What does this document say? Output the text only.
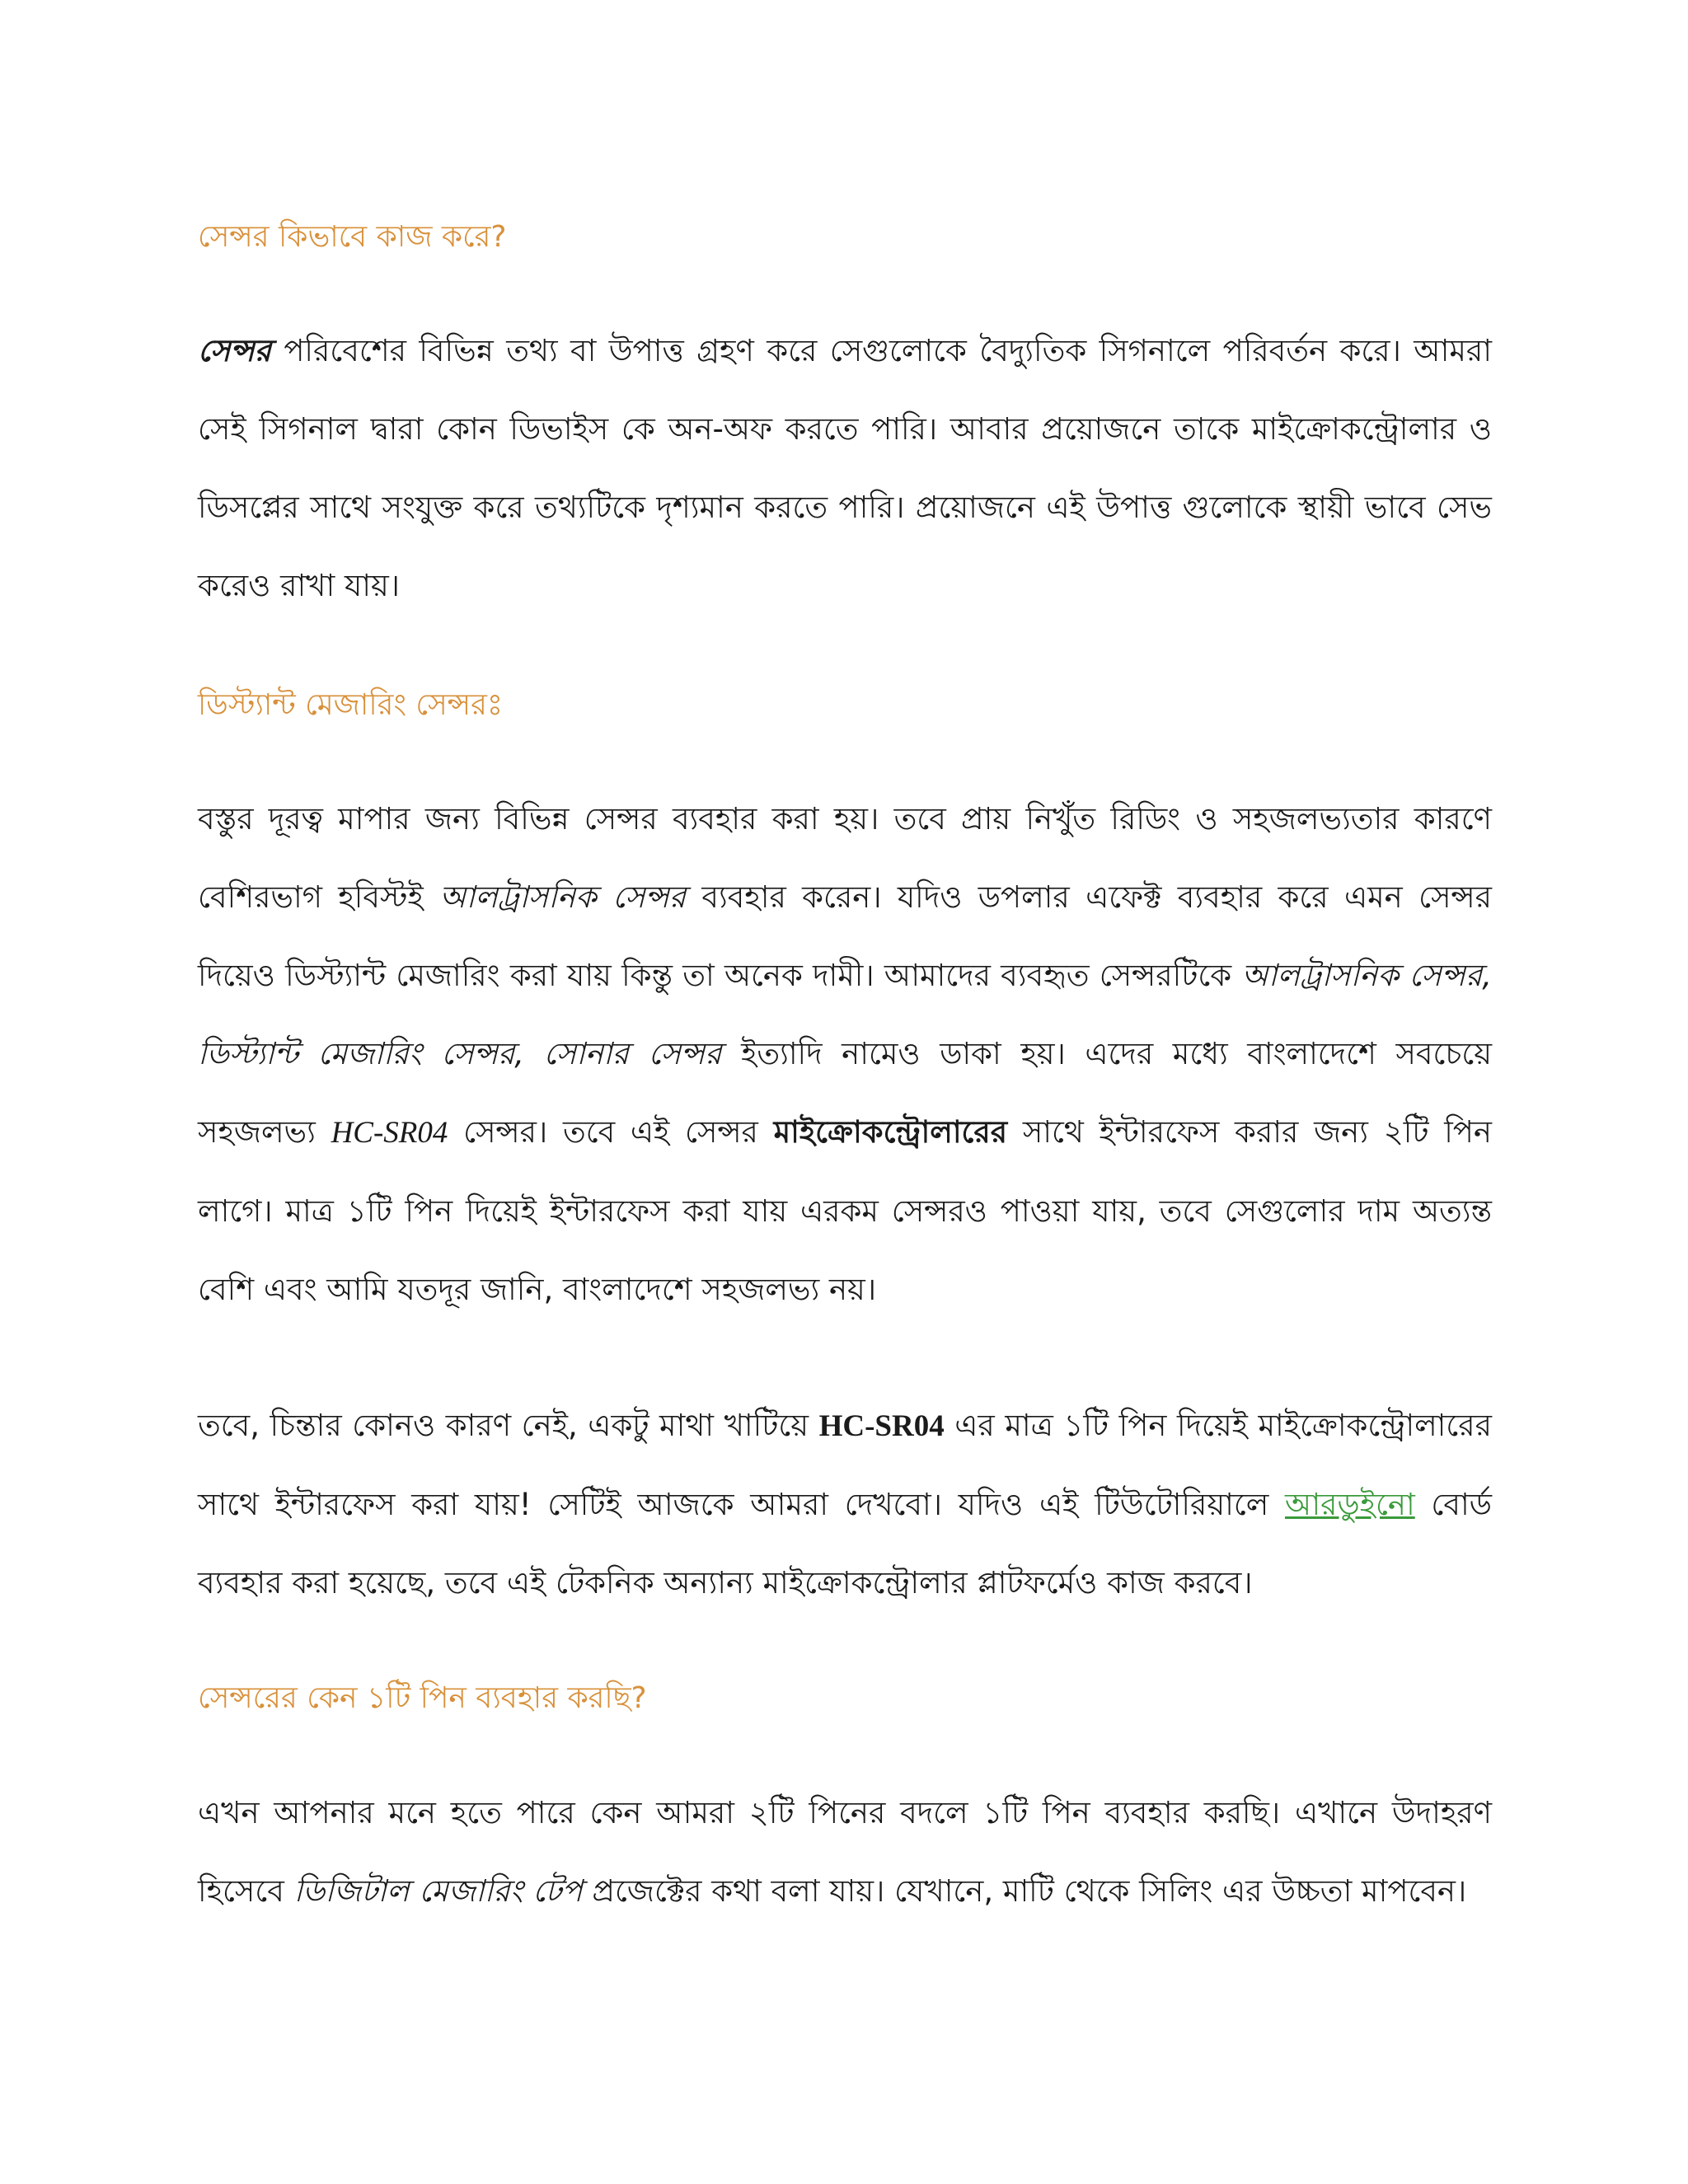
সেন্সর কিভাবে কাজ করে?

সেন্সর পরিবেশের বিভিন্ন তথ্য বা উপাত্ত গ্রহণ করে সেগুলোকে বৈদ্যুতিক সিগনালে পরিবর্তন করে। আমরা সেই সিগনাল দ্বারা কোন ডিভাইস কে অন-অফ করতে পারি। আবার প্রয়োজনে তাকে মাইক্রোকন্ট্রোলার ও ডিসপ্লের সাথে সংযুক্ত করে তথ্যটিকে দৃশ্যমান করতে পারি। প্রয়োজনে এই উপাত্ত গুলোকে স্থায়ী ভাবে সেভ করেও রাখা যায়।

ডিস্ট্যান্ট মেজারিং সেন্সরঃ

বস্তুর দূরত্ব মাপার জন্য বিভিন্ন সেন্সর ব্যবহার করা হয়। তবে প্রায় নিখুঁত রিডিং ও সহজলভ্যতার কারণে বেশিরভাগ হবিস্টই আলট্রাসনিক সেন্সর ব্যবহার করেন। যদিও ডপলার এফেক্ট ব্যবহার করে এমন সেন্সর দিয়েও ডিস্ট্যান্ট মেজারিং করা যায় কিন্তু তা অনেক দামী। আমাদের ব্যবহৃত সেন্সরটিকে আলট্রাসনিক সেন্সর, ডিস্ট্যান্ট মেজারিং সেন্সর, সোনার সেন্সর ইত্যাদি নামেও ডাকা হয়। এদের মধ্যে বাংলাদেশে সবচেয়ে সহজলভ্য HC-SR04 সেন্সর। তবে এই সেন্সর মাইক্রোকন্ট্রোলারের সাথে ইন্টারফেস করার জন্য ২টি পিন লাগে। মাত্র ১টি পিন দিয়েই ইন্টারফেস করা যায় এরকম সেন্সরও পাওয়া যায়, তবে সেগুলোর দাম অত্যন্ত বেশি এবং আমি যতদূর জানি, বাংলাদেশে সহজলভ্য নয়।

তবে, চিন্তার কোনও কারণ নেই, একটু মাথা খাটিয়ে HC-SR04 এর মাত্র ১টি পিন দিয়েই মাইক্রোকন্ট্রোলারের সাথে ইন্টারফেস করা যায়! সেটিই আজকে আমরা দেখবো। যদিও এই টিউটোরিয়ালে আরডুইনো বোর্ড ব্যবহার করা হয়েছে, তবে এই টেকনিক অন্যান্য মাইক্রোকন্ট্রোলার প্লাটফর্মেও কাজ করবে।

সেন্সরের কেন ১টি পিন ব্যবহার করছি?

এখন আপনার মনে হতে পারে কেন আমরা ২টি পিনের বদলে ১টি পিন ব্যবহার করছি। এখানে উদাহরণ হিসেবে ডিজিটাল মেজারিং টেপ প্রজেক্টের কথা বলা যায়। যেখানে, মাটি থেকে সিলিং এর উচ্চতা মাপবেন।
